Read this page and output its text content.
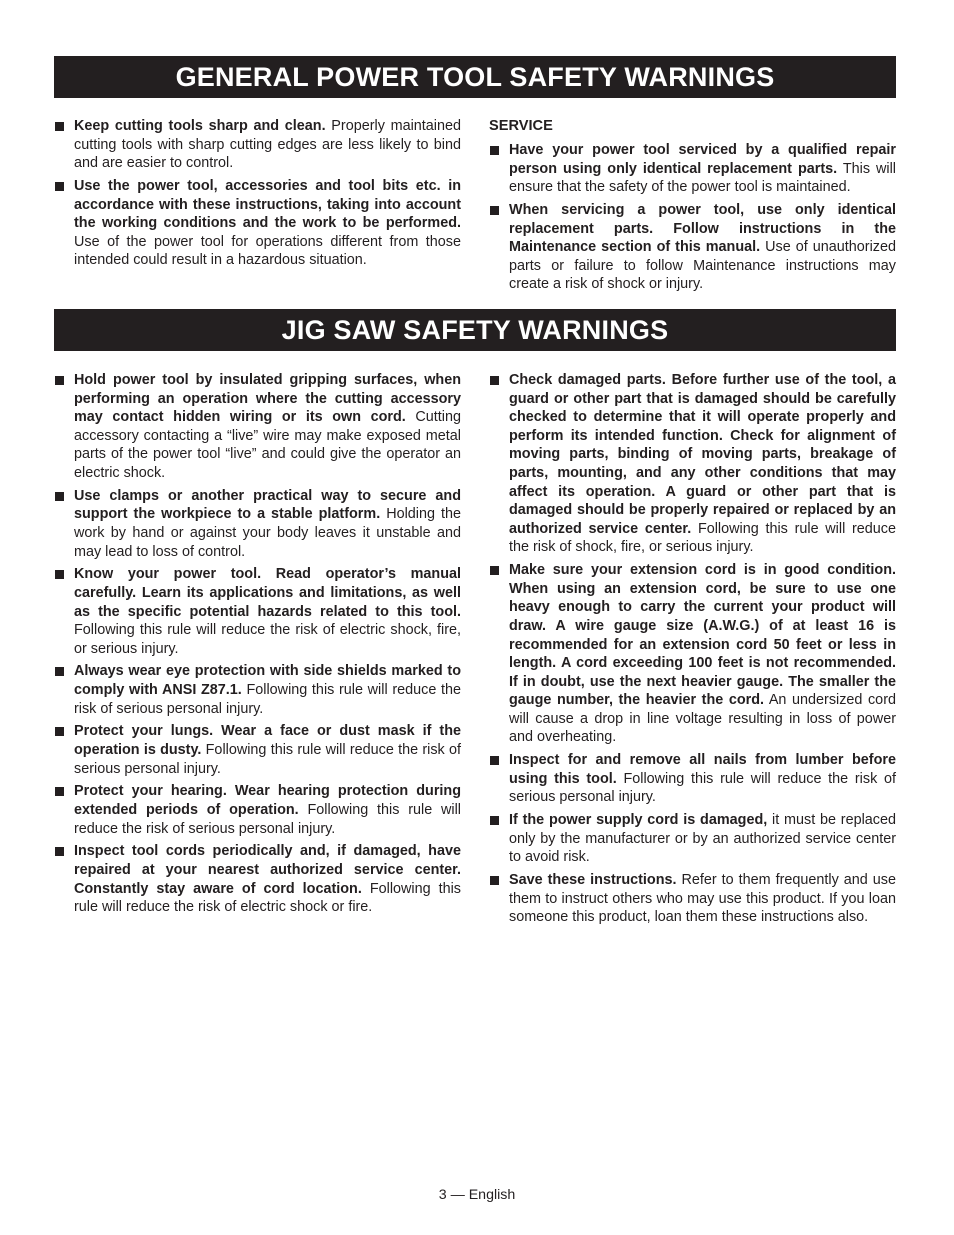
GENERAL POWER TOOL SAFETY WARNINGS
Keep cutting tools sharp and clean. Properly maintained cutting tools with sharp cutting edges are less likely to bind and are easier to control.
Use the power tool, accessories and tool bits etc. in accordance with these instructions, taking into account the working conditions and the work to be performed. Use of the power tool for operations different from those intended could result in a hazardous situation.
SERVICE
Have your power tool serviced by a qualified repair person using only identical replacement parts. This will ensure that the safety of the power tool is maintained.
When servicing a power tool, use only identical replacement parts. Follow instructions in the Maintenance section of this manual. Use of unauthorized parts or failure to follow Maintenance instructions may create a risk of shock or injury.
JIG SAW SAFETY WARNINGS
Hold power tool by insulated gripping surfaces, when performing an operation where the cutting accessory may contact hidden wiring or its own cord. Cutting accessory contacting a “live” wire may make exposed metal parts of the power tool “live” and could give the operator an electric shock.
Use clamps or another practical way to secure and support the workpiece to a stable platform. Holding the work by hand or against your body leaves it unstable and may lead to loss of control.
Know your power tool. Read operator’s manual carefully. Learn its applications and limitations, as well as the specific potential hazards related to this tool. Following this rule will reduce the risk of electric shock, fire, or serious injury.
Always wear eye protection with side shields marked to comply with ANSI Z87.1. Following this rule will reduce the risk of serious personal injury.
Protect your lungs. Wear a face or dust mask if the operation is dusty. Following this rule will reduce the risk of serious personal injury.
Protect your hearing. Wear hearing protection during extended periods of operation. Following this rule will reduce the risk of serious personal injury.
Inspect tool cords periodically and, if damaged, have repaired at your nearest authorized service center. Constantly stay aware of cord location. Following this rule will reduce the risk of electric shock or fire.
Check damaged parts. Before further use of the tool, a guard or other part that is damaged should be carefully checked to determine that it will operate properly and perform its intended function. Check for alignment of moving parts, binding of moving parts, breakage of parts, mounting, and any other conditions that may affect its operation. A guard or other part that is damaged should be properly repaired or replaced by an authorized service center. Following this rule will reduce the risk of shock, fire, or serious injury.
Make sure your extension cord is in good condition. When using an extension cord, be sure to use one heavy enough to carry the current your product will draw. A wire gauge size (A.W.G.) of at least 16 is recommended for an extension cord 50 feet or less in length. A cord exceeding 100 feet is not recommended. If in doubt, use the next heavier gauge. The smaller the gauge number, the heavier the cord. An undersized cord will cause a drop in line voltage resulting in loss of power and overheating.
Inspect for and remove all nails from lumber before using this tool. Following this rule will reduce the risk of serious personal injury.
If the power supply cord is damaged, it must be replaced only by the manufacturer or by an authorized service center to avoid risk.
Save these instructions. Refer to them frequently and use them to instruct others who may use this product. If you loan someone this product, loan them these instructions also.
3 — English
